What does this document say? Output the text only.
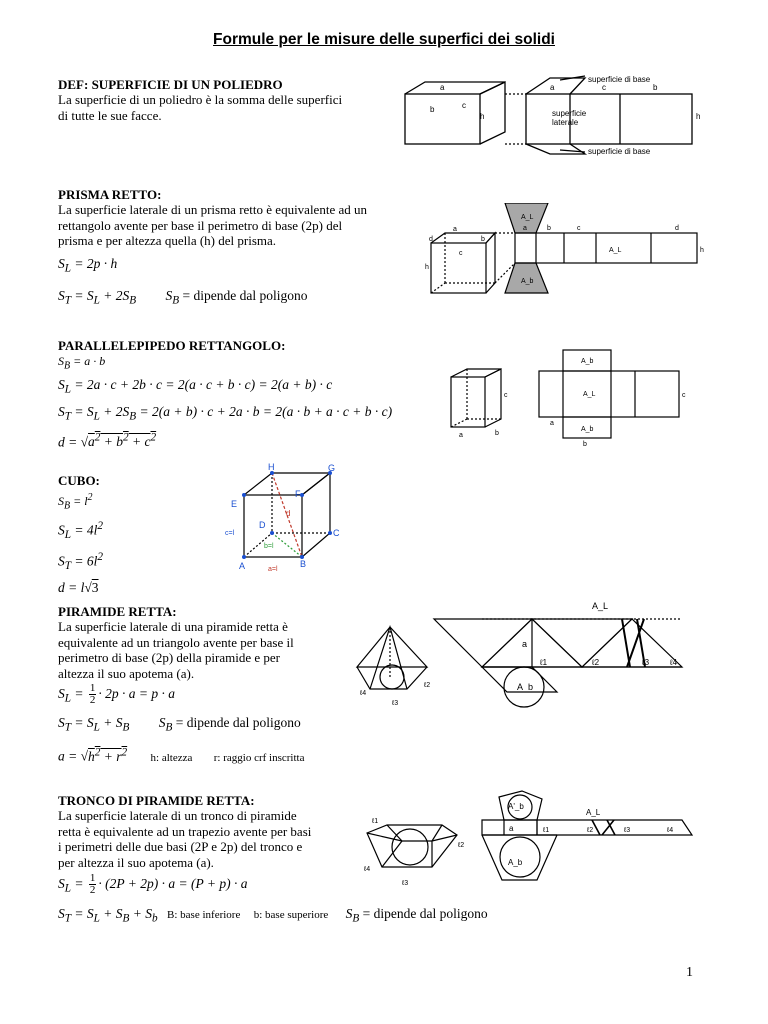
Formule per le misure delle superfici dei solidi

DEF: SUPERFICIE DI UN POLIEDRO

La superficie di un poliedro è la somma delle superfici

di tutte le sue facce.	b
a
c
h
a	c	b
h
superficie di base
superficie
laterale
superficie di base

PRISMA RETTO:

La superficie laterale di un prisma retto è equivalente ad un

rettangolo avente per base il perimetro di base (2p) del

prisma e per altezza quella (h) del prisma.

$S_L = 2p \cdot h$
$S_T = S_L + 2S_B$ $S_B$ = dipende dal poligono
d
a
b
c
h
A_L
A_b
a	b	c	d
A_L	h

PARALLELEPIPEDO RETTANGOLO:

$S_B = a \cdot b$
$S_L = 2a \cdot c + 2b \cdot c = 2(a \cdot c + b \cdot c) = 2(a + b) \cdot c$
$S_T = S_L + 2S_B = 2(a + b) \cdot c + 2a \cdot b = 2(a \cdot b + a \cdot c + b \cdot c)$
$d = √a^2 + b^2 + c^2$	a	b
c
A_b
A_L
A_b
a
b
c

CUBO:

$S_B = l^2$
$S_L = 4l^2$
$S_T = 6l^2$
d = l√3
H	G
E
F
D
C
A	B
d
b=l
c=l
a=l

PIRAMIDE RETTA:

La superficie laterale di una piramide retta è

equivalente ad un triangolo avente per base il

perimetro di base (2p) della piramide e per

altezza il suo apotema (a).

$S_L = \frac{1}{2} \cdot 2p \cdot a = p \cdot a$
$S_T = S_L + S_B$ $S_B$ = dipende dal poligono
$a = √h^2 + r^2$ h: altezza r: raggio crf inscritta
A_L
a
A_b
ℓ1	ℓ2	ℓ3	ℓ4
ℓ4
ℓ3
ℓ2

TRONCO DI PIRAMIDE RETTA:

La superficie laterale di un tronco di piramide

retta è equivalente ad un trapezio avente per basi

i perimetri delle due basi (2P e 2p) del tronco e

per altezza il suo apotema (a).

$S_L = \frac{1}{2} \cdot (2P + 2p) \cdot a = (P + p) \cdot a$
$S_T = S_L + S_B + S_b$ B: base inferiore b: base superiore $S_B$ = dipende dal poligono
A_L
a
A'_b
A_b
ℓ1	ℓ2	ℓ3	ℓ4
ℓ1
ℓ2
ℓ3
ℓ4
1
